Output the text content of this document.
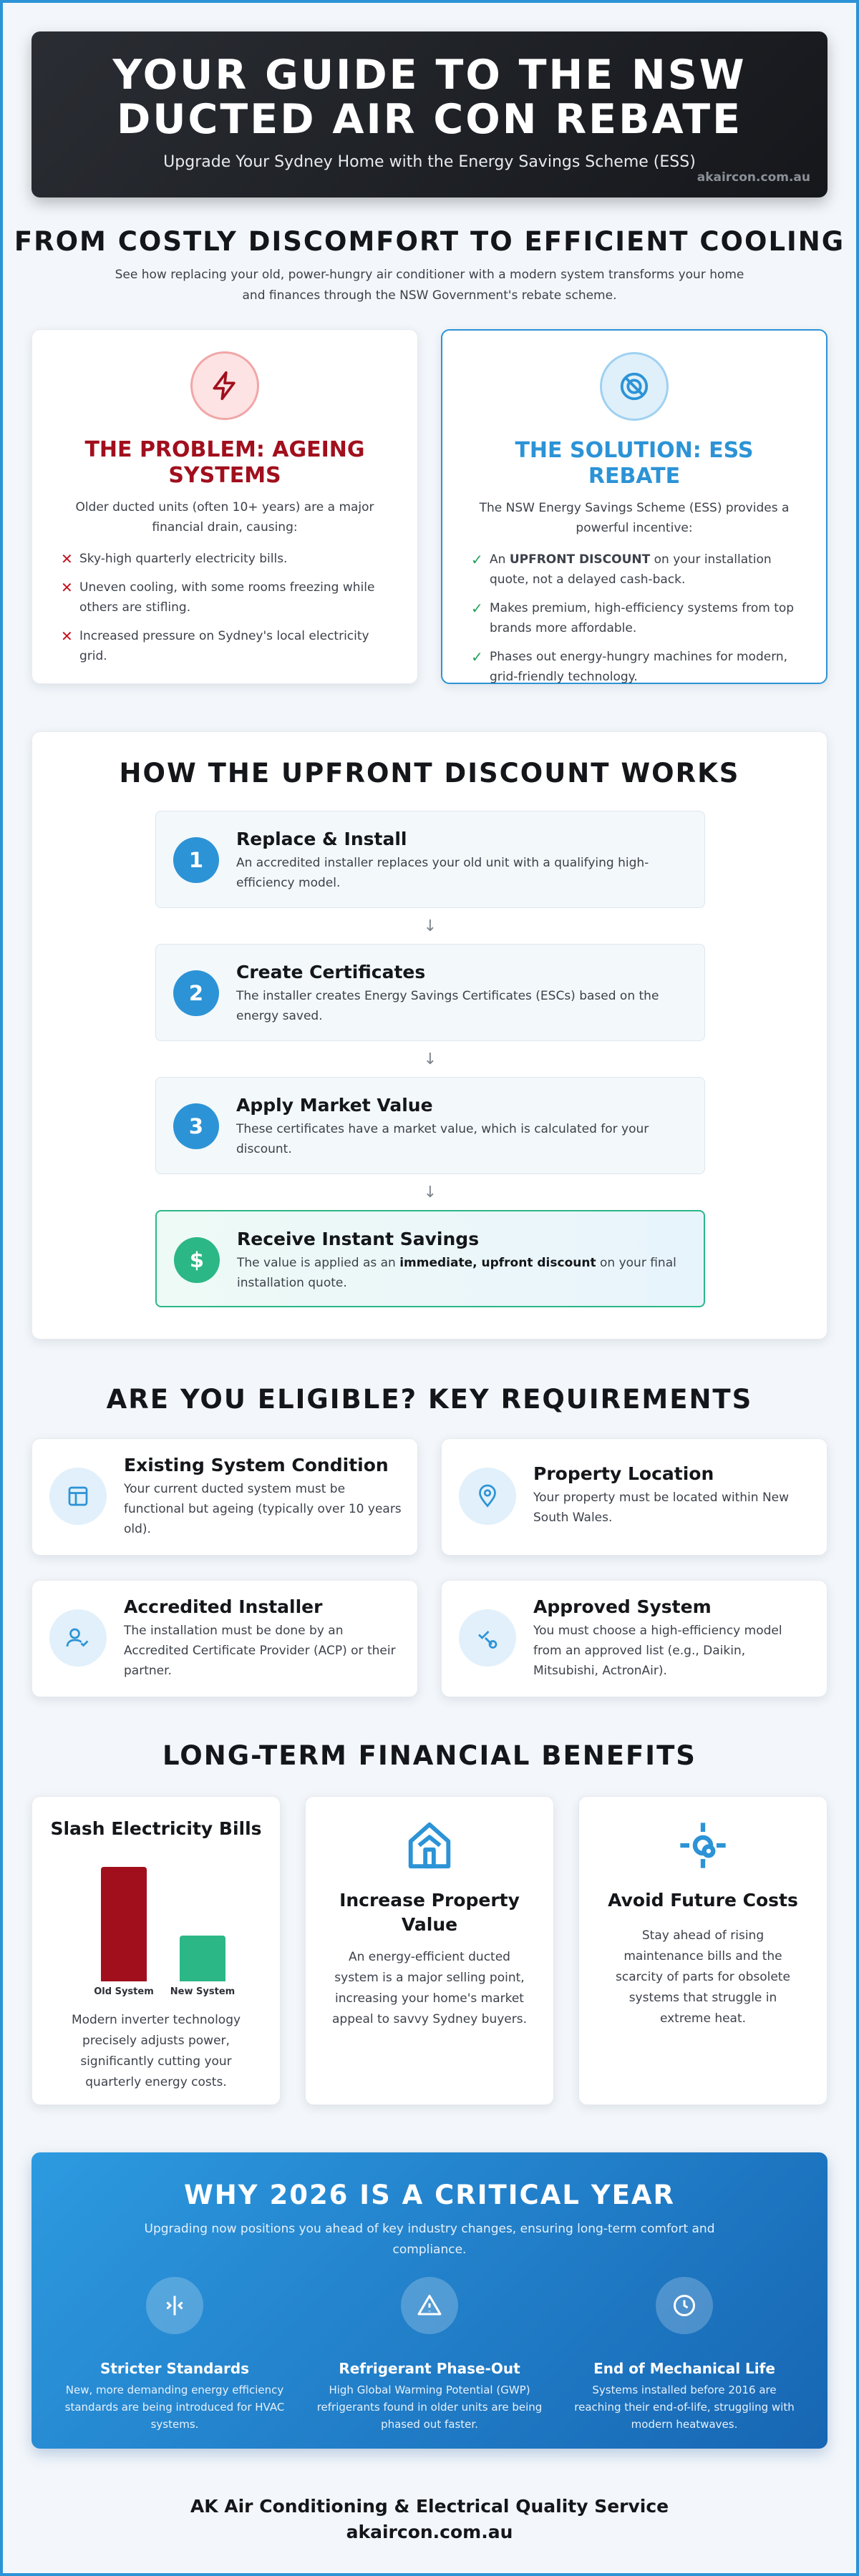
YOUR GUIDE TO THE NSW DUCTED AIR CON REBATE
Upgrade Your Sydney Home with the Energy Savings Scheme (ESS)
akaircon.com.au
FROM COSTLY DISCOMFORT TO EFFICIENT COOLING
See how replacing your old, power-hungry air conditioner with a modern system transforms your home and finances through the NSW Government's rebate scheme.
THE PROBLEM: AGEING SYSTEMS
Older ducted units (often 10+ years) are a major financial drain, causing:
✕ Sky-high quarterly electricity bills.
✕ Uneven cooling, with some rooms freezing while others are stifling.
✕ Increased pressure on Sydney's local electricity grid.
THE SOLUTION: ESS REBATE
The NSW Energy Savings Scheme (ESS) provides a powerful incentive:
✓ An UPFRONT DISCOUNT on your installation quote, not a delayed cash-back.
✓ Makes premium, high-efficiency systems from top brands more affordable.
✓ Phases out energy-hungry machines for modern, grid-friendly technology.
HOW THE UPFRONT DISCOUNT WORKS
1
Replace & Install
An accredited installer replaces your old unit with a qualifying high-efficiency model.
↓
2
Create Certificates
The installer creates Energy Savings Certificates (ESCs) based on the energy saved.
↓
3
Apply Market Value
These certificates have a market value, which is calculated for your discount.
↓
$
Receive Instant Savings
The value is applied as an immediate, upfront discount on your final installation quote.
ARE YOU ELIGIBLE? KEY REQUIREMENTS
Existing System Condition
Your current ducted system must be functional but ageing (typically over 10 years old).
Property Location
Your property must be located within New South Wales.
Accredited Installer
The installation must be done by an Accredited Certificate Provider (ACP) or their partner.
Approved System
You must choose a high-efficiency model from an approved list (e.g., Daikin, Mitsubishi, ActronAir).
LONG-TERM FINANCIAL BENEFITS
Slash Electricity Bills
Old System	New System
Modern inverter technology precisely adjusts power, significantly cutting your quarterly energy costs.
Increase Property Value
An energy-efficient ducted system is a major selling point, increasing your home's market appeal to savvy Sydney buyers.
Avoid Future Costs
Stay ahead of rising maintenance bills and the scarcity of parts for obsolete systems that struggle in extreme heat.
WHY 2026 IS A CRITICAL YEAR
Upgrading now positions you ahead of key industry changes, ensuring long-term comfort and compliance.
Stricter Standards
New, more demanding energy efficiency standards are being introduced for HVAC systems.
Refrigerant Phase-Out
High Global Warming Potential (GWP) refrigerants found in older units are being phased out faster.
End of Mechanical Life
Systems installed before 2016 are reaching their end-of-life, struggling with modern heatwaves.
AK Air Conditioning & Electrical Quality Service
akaircon.com.au
